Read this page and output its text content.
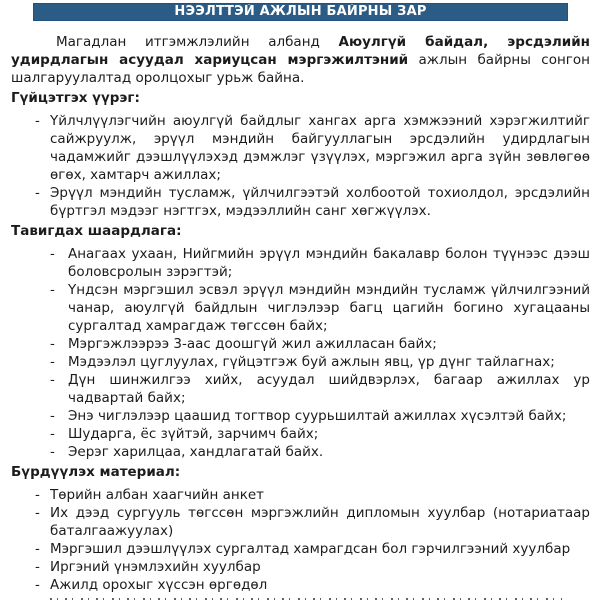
НЭЭЛТТЭЙ АЖЛЫН БАЙРНЫ ЗАР

Магадлан итгэмжлэлийн албанд Аюулгүй байдал, эрсдэлийн удирдлагын асуудал хариуцсан мэргэжилтэний ажлын байрны сонгон шалгаруулалтад оролцохыг урьж байна.

Гүйцэтгэх үүрэг:
- Үйлчлүүлэгчийн аюулгүй байдлыг хангах арга хэмжээний хэрэгжилтийг сайжруулж, эрүүл мэндийн байгууллагын эрсдэлийн удирдлагын чадамжийг дээшлүүлэхэд дэмжлэг үзүүлэх, мэргэжил арга зүйн зөвлөгөө өгөх, хамтарч ажиллах;
- Эрүүл мэндийн тусламж, үйлчилгээтэй холбоотой тохиолдол, эрсдэлийн бүртгэл мэдээг нэгтгэх, мэдээллийн санг хөгжүүлэх.
Тавигдах шаардлага:
- Анагаах ухаан, Нийгмийн эрүүл мэндийн бакалавр болон түүнээс дээш боловсролын зэрэгтэй;
- Үндсэн мэргэшил эсвэл эрүүл мэндийн мэндийн тусламж үйлчилгээний чанар, аюулгүй байдлын чиглэлээр багц цагийн богино хугацааны сургалтад хамрагдаж төгссөн байх;
- Мэргэжлээрээ 3-аас доошгүй жил ажилласан байх;
- Мэдээлэл цуглуулах, гүйцэтгэж буй ажлын явц, үр дүнг тайлагнах;
- Дүн шинжилгээ хийх, асуудал шийдвэрлэх, багаар ажиллах ур чадвартай байх;
- Энэ чиглэлээр цаашид тогтвор суурьшилтай ажиллах хүсэлтэй байх;
- Шударга, ёс зүйтэй, зарчимч байх;
- Эерэг харилцаа, хандлагатай байх.
Бүрдүүлэх материал:
- Төрийн албан хаагчийн анкет
- Их дээд сургууль төгссөн мэргэжлийн дипломын хуулбар (нотариатаар баталгаажуулах)
- Мэргэшил дээшлүүлэх сургалтад хамрагдсан бол гэрчилгээний хуулбар
- Иргэний үнэмлэхийн хуулбар
- Ажилд орохыг хүссэн өргөдөл
